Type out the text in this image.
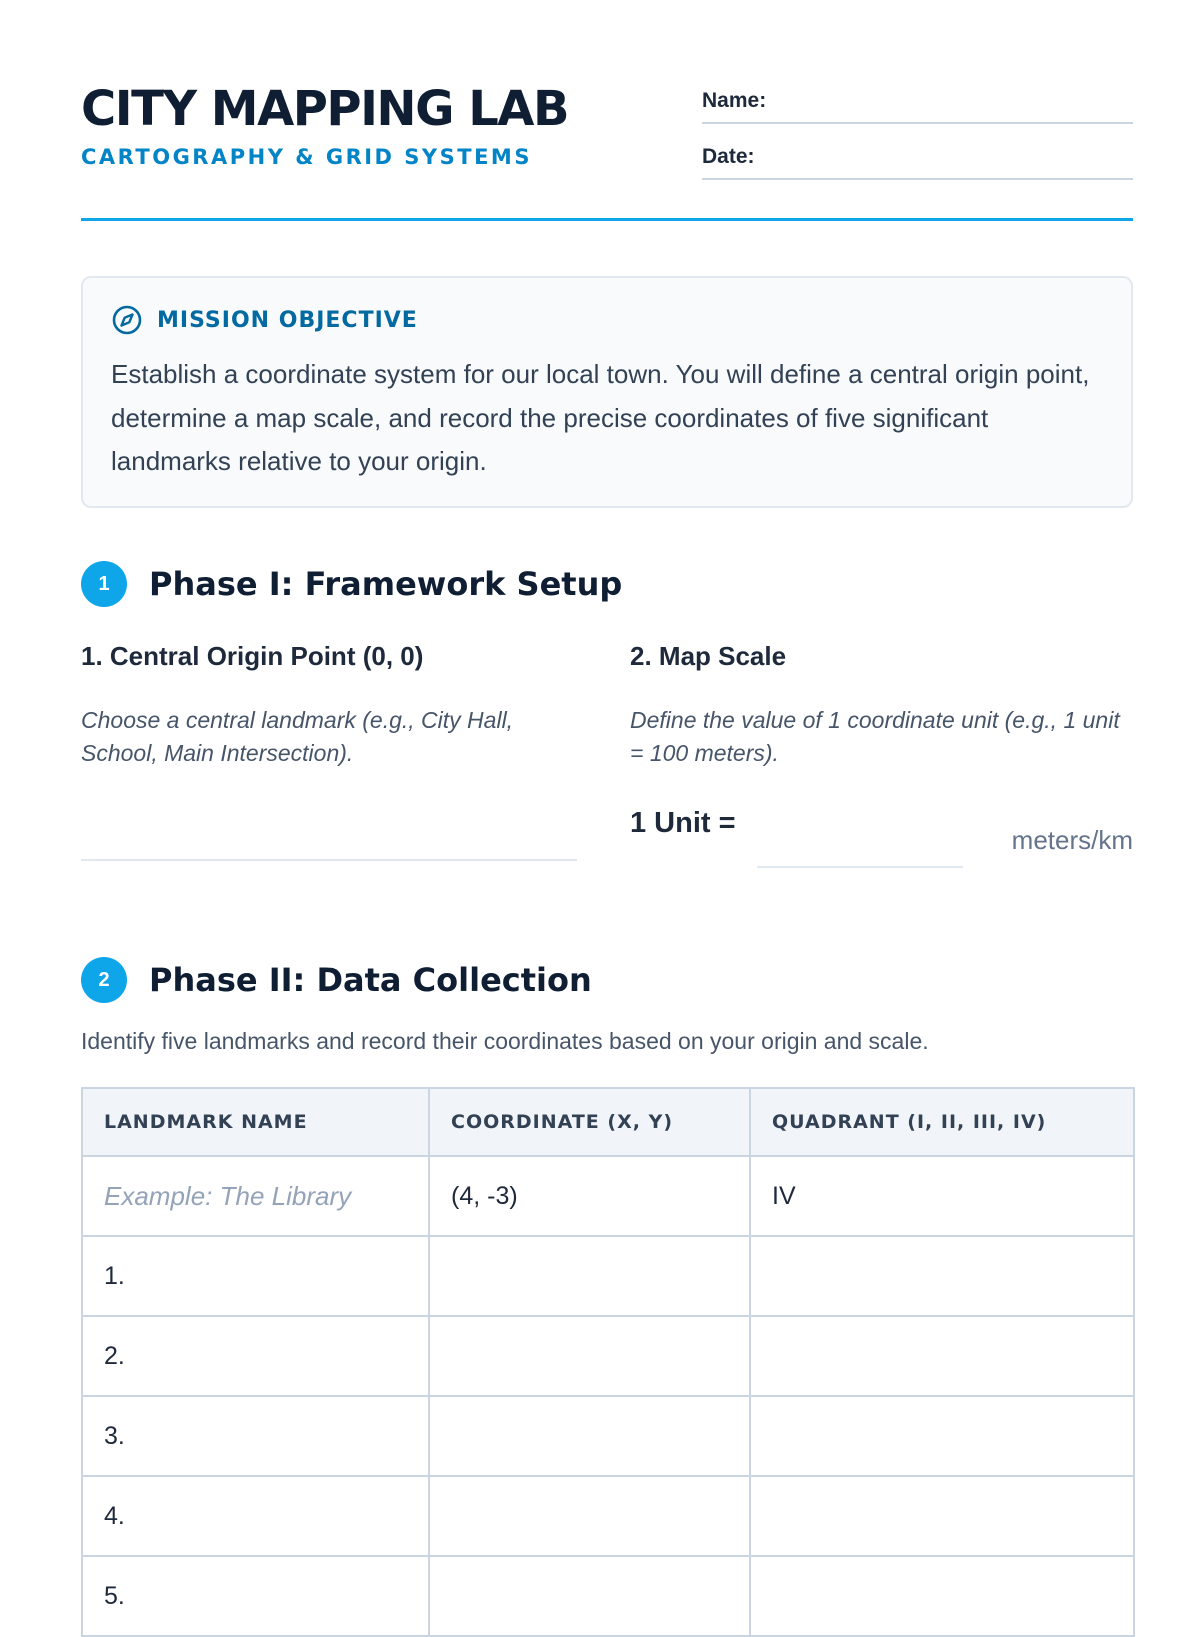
CITY MAPPING LAB
CARTOGRAPHY & GRID SYSTEMS
Name:
Date:
MISSION OBJECTIVE
Establish a coordinate system for our local town. You will define a central origin point, determine a map scale, and record the precise coordinates of five significant landmarks relative to your origin.
1	Phase I: Framework Setup
1. Central Origin Point (0, 0)
Choose a central landmark (e.g., City Hall, School, Main Intersection).
2. Map Scale
Define the value of 1 coordinate unit (e.g., 1 unit = 100 meters).
1 Unit =
meters/km
2	Phase II: Data Collection
Identify five landmarks and record their coordinates based on your origin and scale.
LANDMARK NAME	COORDINATE (X, Y)	QUADRANT (I, II, III, IV)
Example: The Library	(4, -3)	IV
1.		
2.		
3.		
4.		
5.		
